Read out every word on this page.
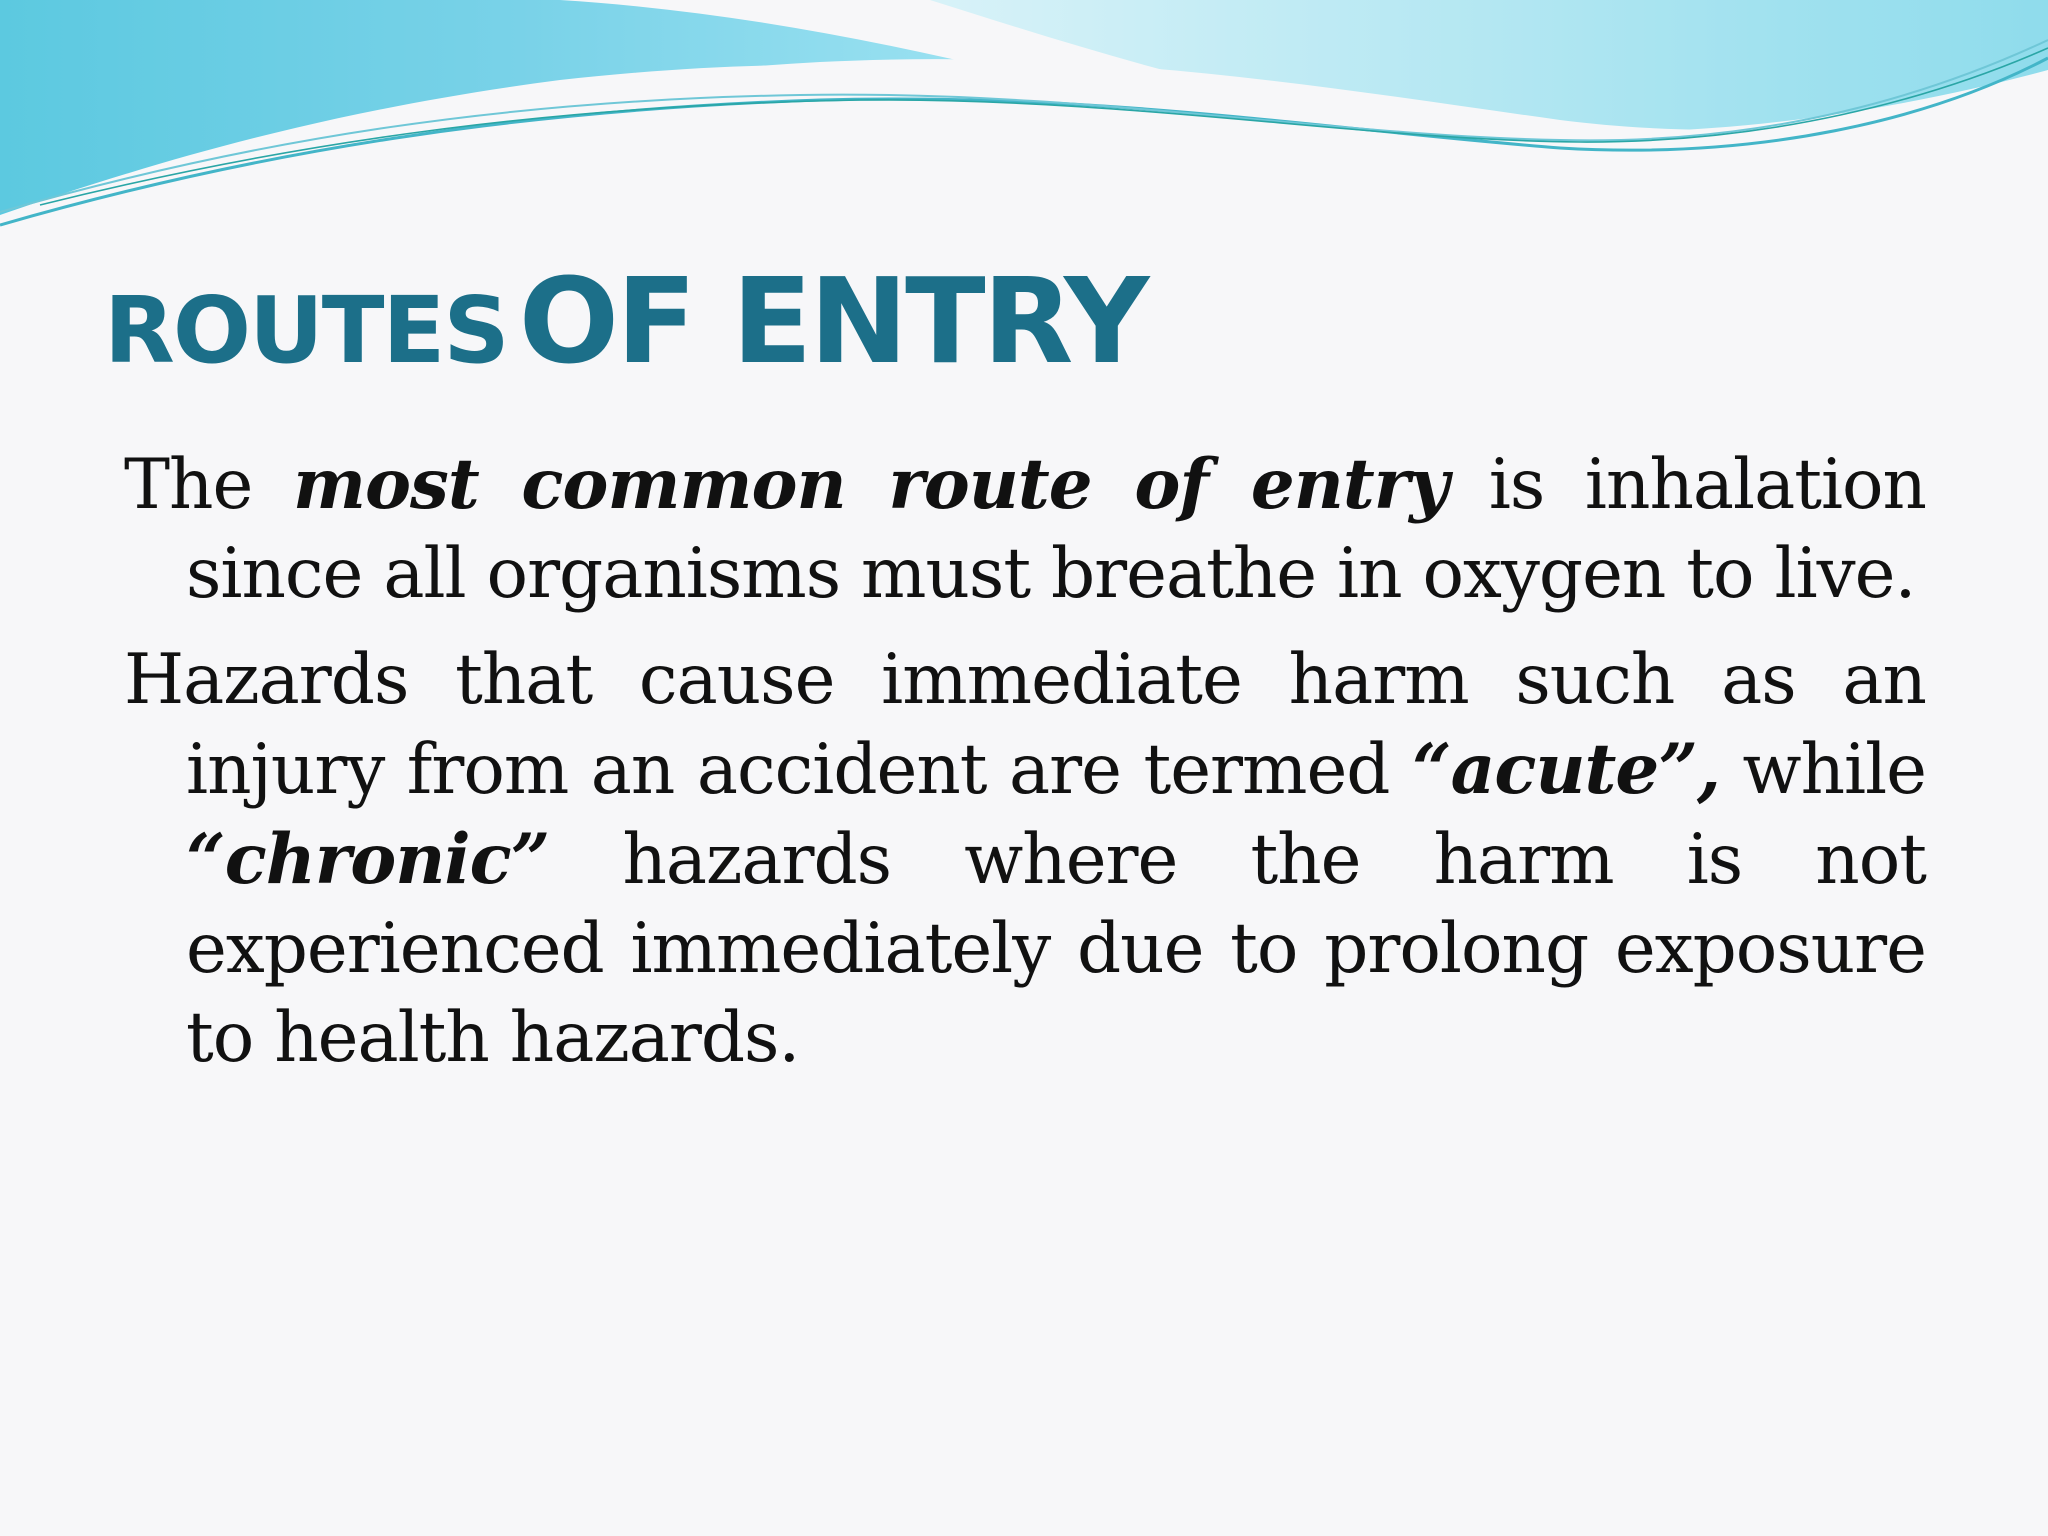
ROUTES OF ENTRY

The most common route of entry is inhalation since all organisms must breathe in oxygen to live.

Hazards that cause immediate harm such as an injury from an accident are termed “acute”, while “chronic” hazards where the harm is not experienced immediately due to prolong exposure to health hazards.
